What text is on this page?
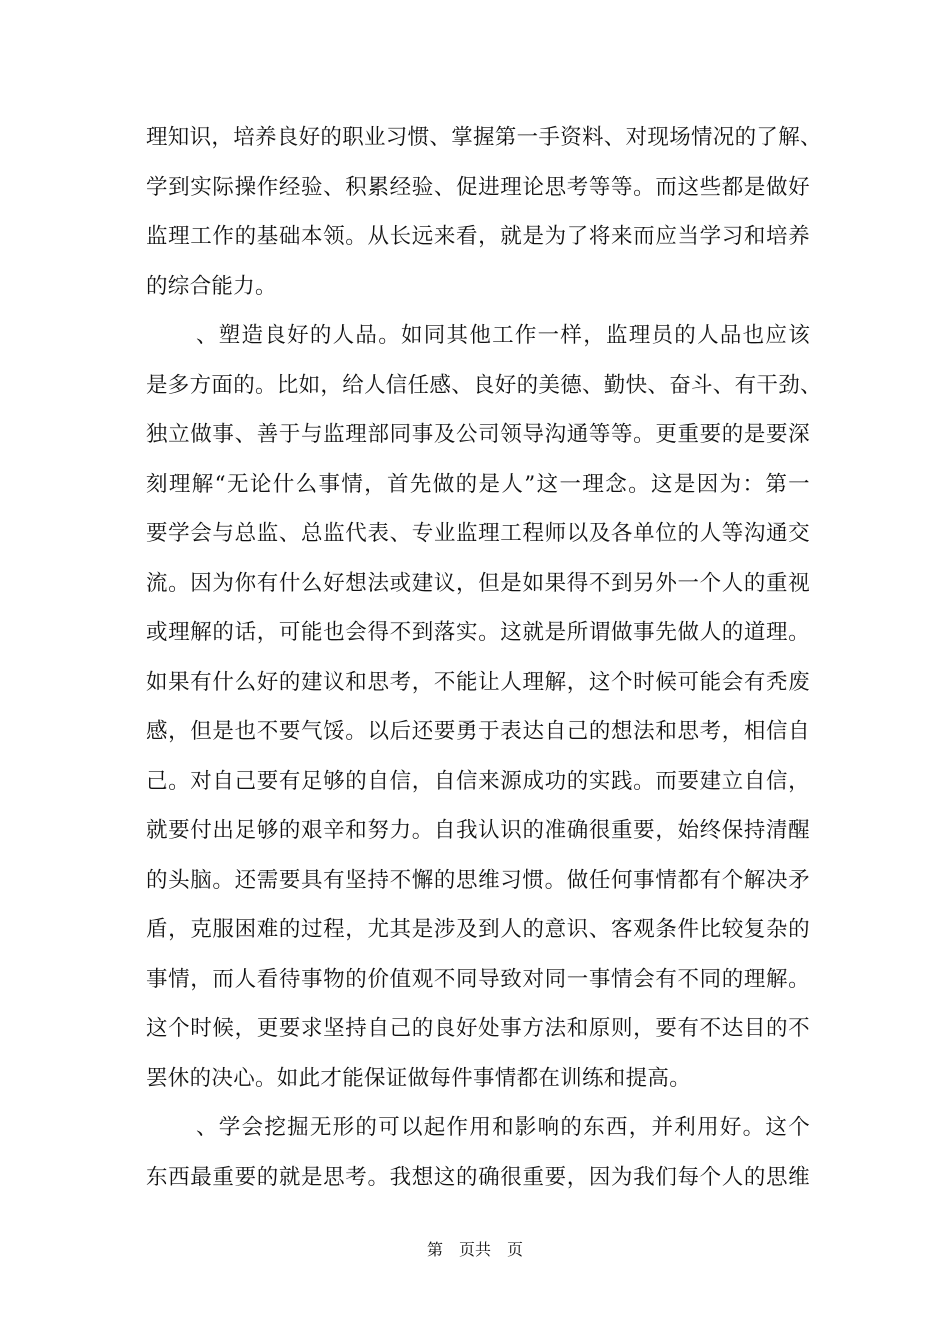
理知识，培养良好的职业习惯、掌握第一手资料、对现场情况的了解、
学到实际操作经验、积累经验、促进理论思考等等。而这些都是做好
监理工作的基础本领。从长远来看，就是为了将来而应当学习和培养
的综合能力。
、塑造良好的人品。如同其他工作一样，监理员的人品也应该
是多方面的。比如，给人信任感、良好的美德、勤快、奋斗、有干劲、
独立做事、善于与监理部同事及公司领导沟通等等。更重要的是要深
刻理解“无论什么事情，首先做的是人”这一理念。这是因为：第一
要学会与总监、总监代表、专业监理工程师以及各单位的人等沟通交
流。因为你有什么好想法或建议，但是如果得不到另外一个人的重视
或理解的话，可能也会得不到落实。这就是所谓做事先做人的道理。
如果有什么好的建议和思考，不能让人理解，这个时候可能会有秃废
感，但是也不要气馁。以后还要勇于表达自己的想法和思考，相信自
己。对自己要有足够的自信，自信来源成功的实践。而要建立自信，
就要付出足够的艰辛和努力。自我认识的准确很重要，始终保持清醒
的头脑。还需要具有坚持不懈的思维习惯。做任何事情都有个解决矛
盾，克服困难的过程，尤其是涉及到人的意识、客观条件比较复杂的
事情，而人看待事物的价值观不同导致对同一事情会有不同的理解。
这个时候，更要求坚持自己的良好处事方法和原则，要有不达目的不
罢休的决心。如此才能保证做每件事情都在训练和提高。
、学会挖掘无形的可以起作用和影响的东西，并利用好。这个
东西最重要的就是思考。我想这的确很重要，因为我们每个人的思维
第　页共　页
